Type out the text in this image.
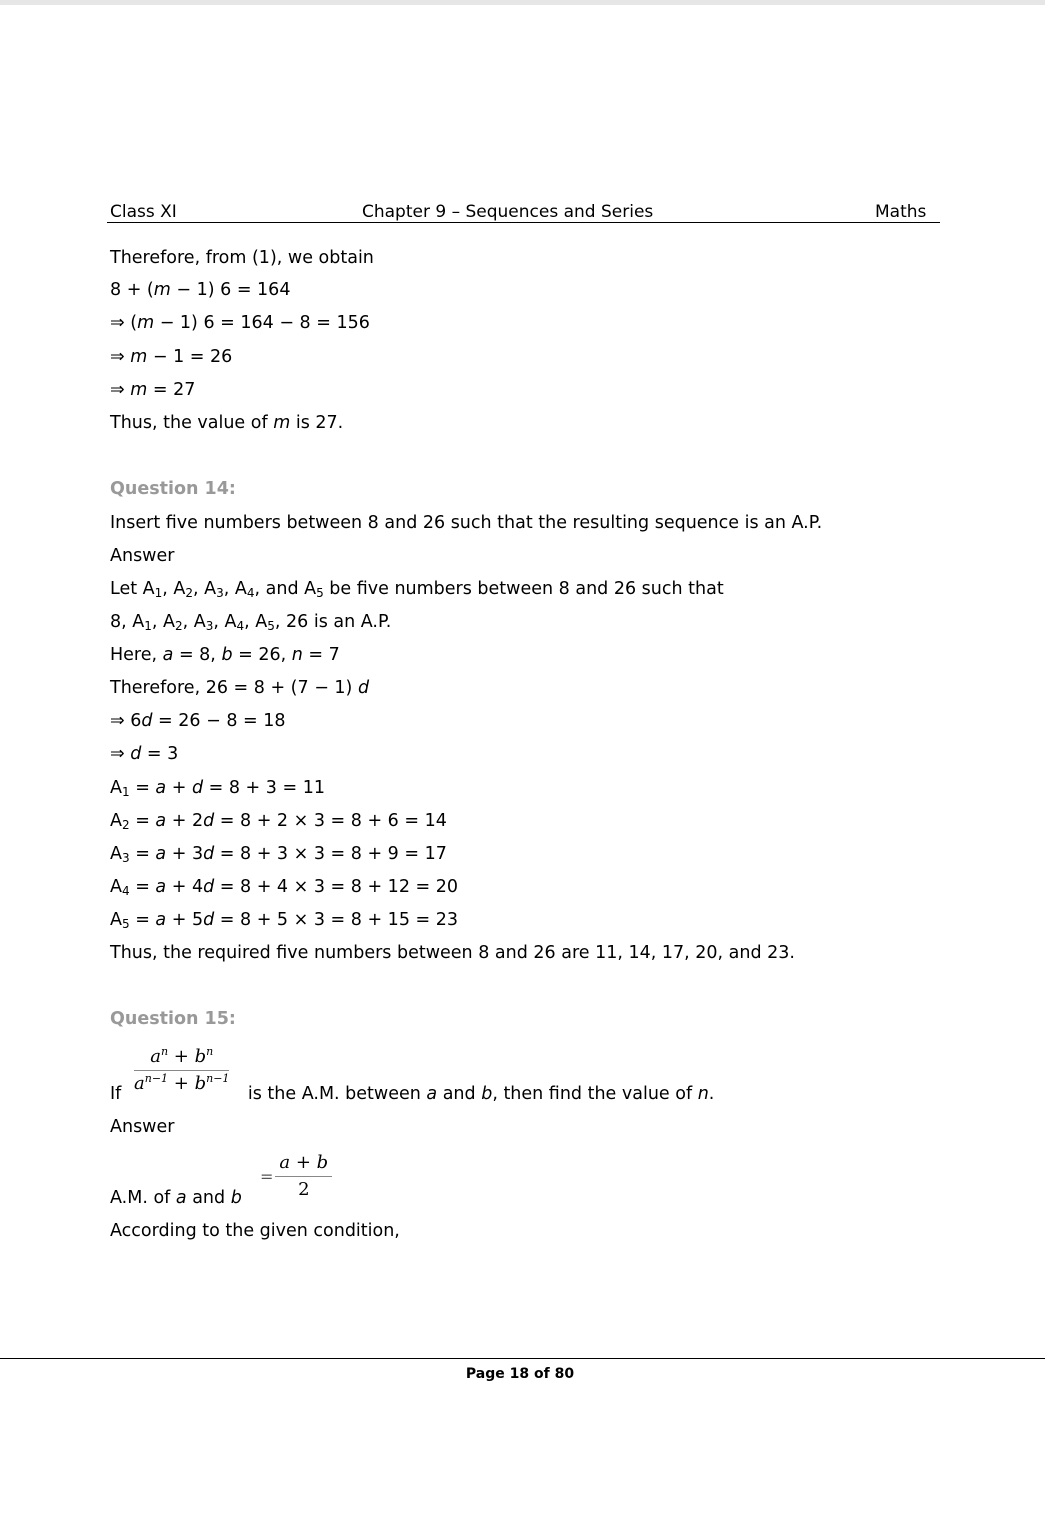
Class XI	Chapter 9 – Sequences and Series	Maths
Therefore, from (1), we obtain
8 + (m − 1) 6 = 164
⇒ (m − 1) 6 = 164 − 8 = 156
⇒ m − 1 = 26
⇒ m = 27
Thus, the value of m is 27.
Question 14:
Insert five numbers between 8 and 26 such that the resulting sequence is an A.P.
Answer
Let $A_1$, $A_2$, $A_3$, $A_4$, and $A_5$ be five numbers between 8 and 26 such that
8, $A_1$, $A_2$, $A_3$, $A_4$, $A_5$, 26 is an A.P.
Here, a = 8, b = 26, n = 7
Therefore, 26 = 8 + (7 − 1) d
⇒ 6d = 26 − 8 = 18
⇒ d = 3
$A_1 = a + d = 8 + 3 = 11$
$A_2 = a + 2d = 8 + 2 \times 3 = 8 + 6 = 14$
$A_3 = a + 3d = 8 + 3 \times 3 = 8 + 9 = 17$
$A_4 = a + 4d = 8 + 4 \times 3 = 8 + 12 = 20$
$A_5 = a + 5d = 8 + 5 \times 3 = 8 + 15 = 23$
Thus, the required five numbers between 8 and 26 are 11, 14, 17, 20, and 23.
Question 15:
If	is the A.M. between a and b, then find the value of n.
Answer
A.M. of a and b
According to the given condition,
$\frac{a^n + b^n}{a^{n-1} + b^{n-1}}$
= $\frac{a + b}{2}$
Page 18 of 80
